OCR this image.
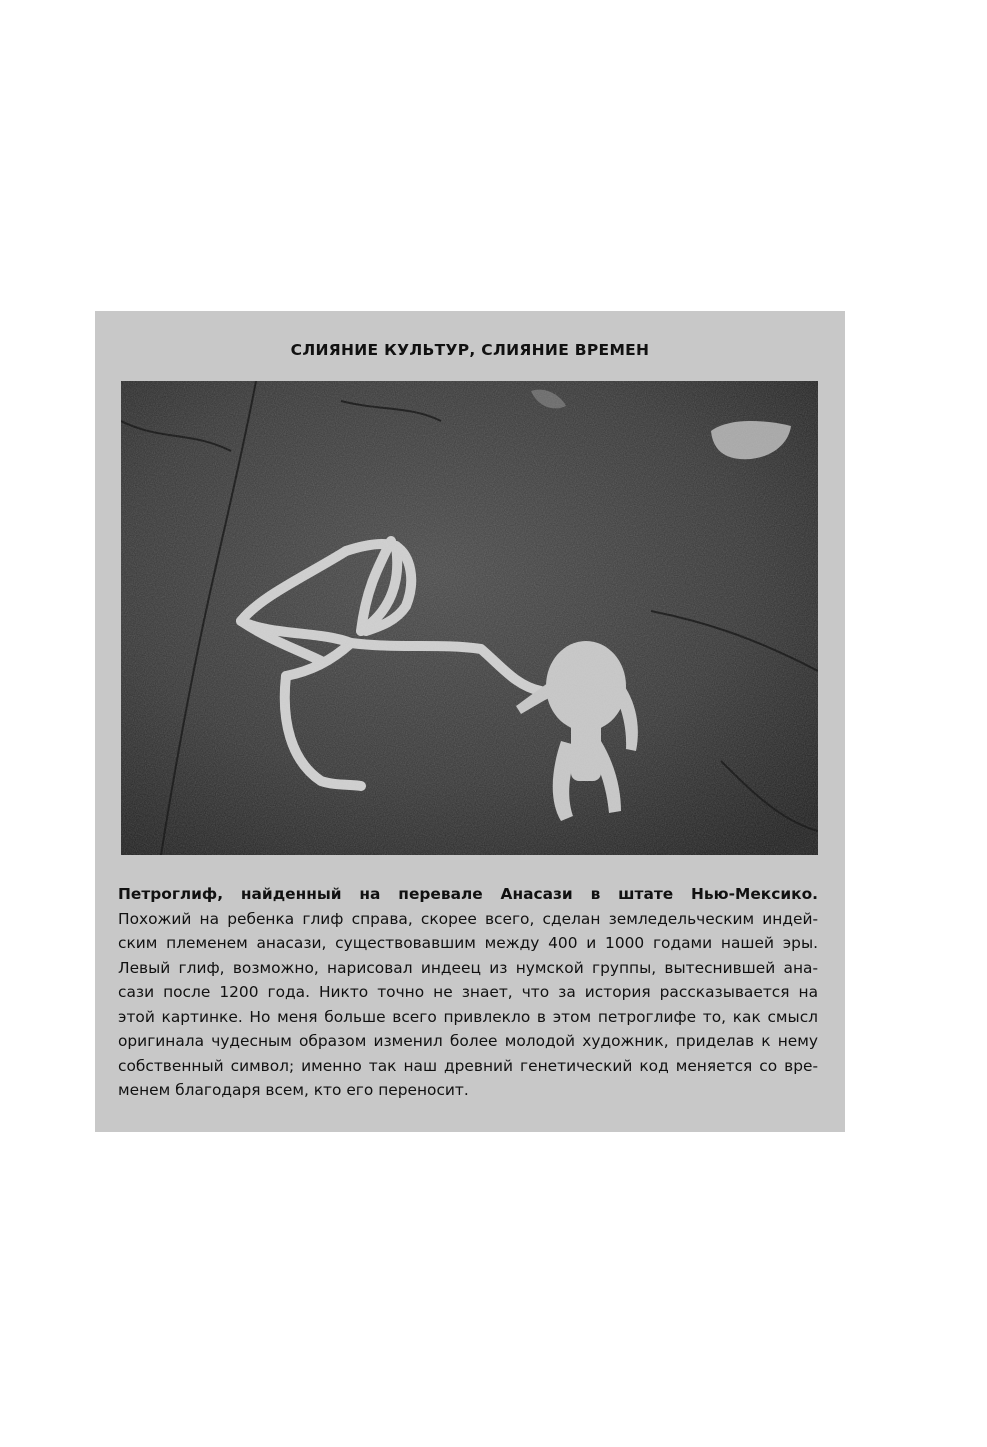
СЛИЯНИЕ КУЛЬТУР, СЛИЯНИЕ ВРЕМЕН
Петроглиф, найденный на перевале Анасази в штате Нью-Мексико.
Похожий на ребенка глиф справа, скорее всего, сделан земледельческим индей-
ским племенем анасази, существовавшим между 400 и 1000 годами нашей эры.
Левый глиф, возможно, нарисовал индеец из нумской группы, вытеснившей ана-
сази после 1200 года. Никто точно не знает, что за история рассказывается на
этой картинке. Но меня больше всего привлекло в этом петроглифе то, как смысл
оригинала чудесным образом изменил более молодой художник, приделав к нему
собственный символ; именно так наш древний генетический код меняется со вре-
менем благодаря всем, кто его переносит.
